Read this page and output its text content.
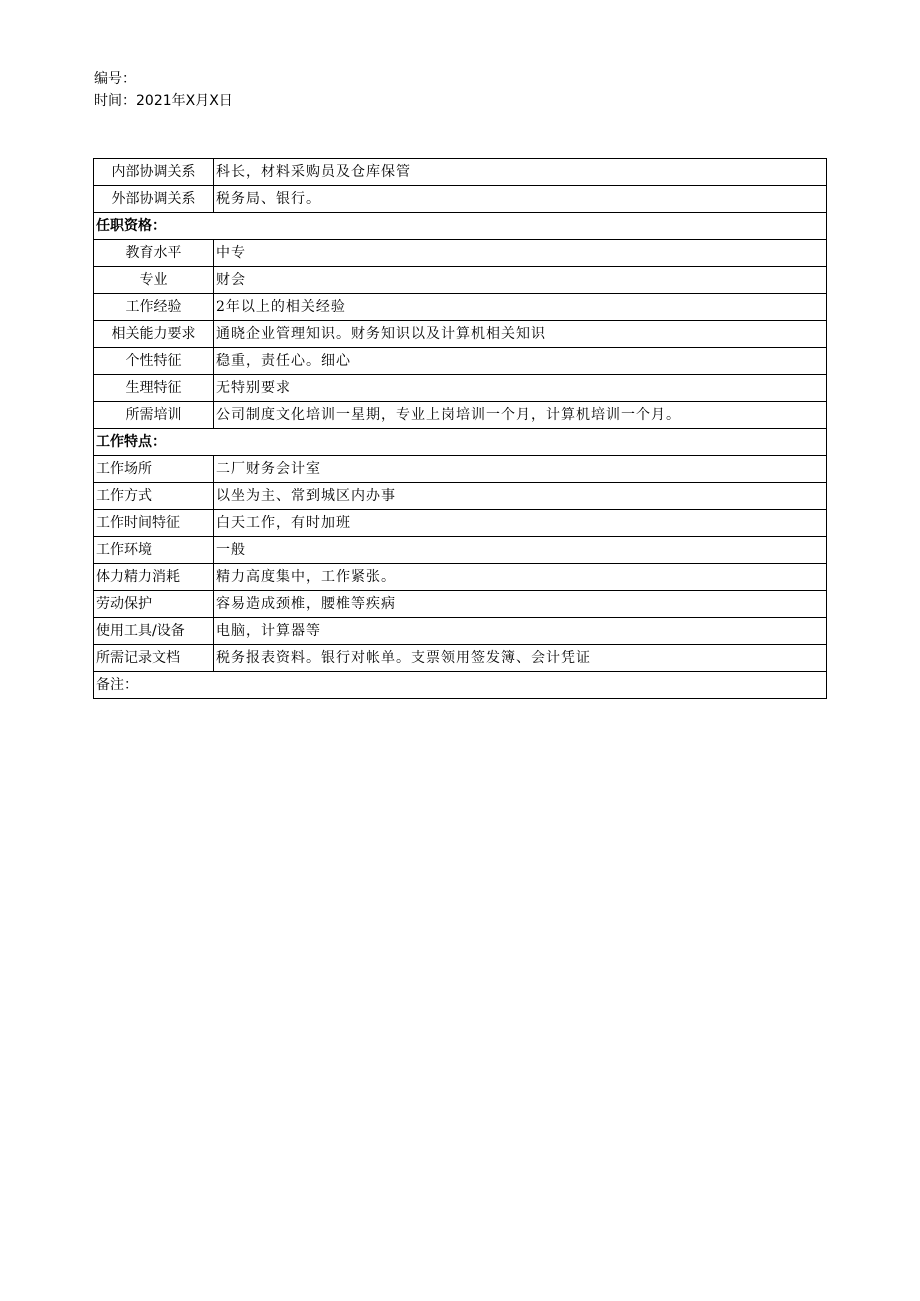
编号：
时间：2021年X月X日
内部协调关系	科长，材料采购员及仓库保管
外部协调关系	税务局、银行。
任职资格：	
教育水平	中专
专业	财会
工作经验	2年以上的相关经验
相关能力要求	通晓企业管理知识。财务知识以及计算机相关知识
个性特征	稳重，责任心。细心
生理特征	无特别要求
所需培训	公司制度文化培训一星期，专业上岗培训一个月，计算机培训一个月。
工作特点：	
工作场所	二厂财务会计室
工作方式	以坐为主、常到城区内办事
工作时间特征	白天工作，有时加班
工作环境	一般
体力精力消耗	精力高度集中，工作紧张。
劳动保护	容易造成颈椎，腰椎等疾病
使用工具/设备	电脑，计算器等
所需记录文档	税务报表资料。银行对帐单。支票领用签发簿、会计凭证
备注：	
